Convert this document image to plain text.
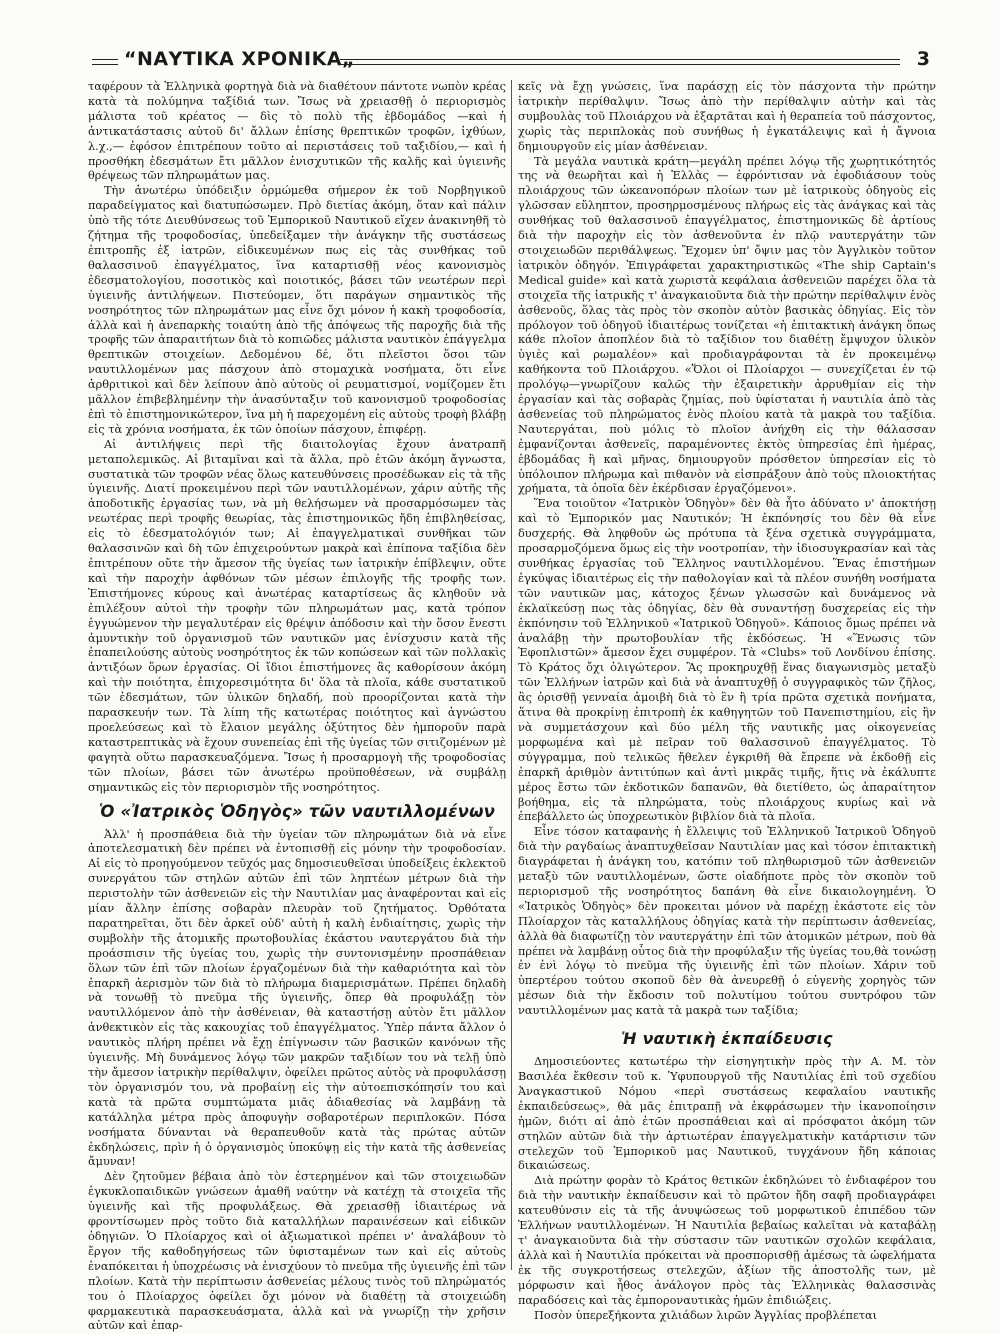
“ΝΑΥΤΙΚΑ ΧΡΟΝΙΚΑ„	3

ταφέρουν τὰ Ἑλληνικὰ φορτηγὰ διὰ νὰ διαθέτουν πάντοτε νωπὸν κρέας κατὰ τὰ πολύμηνα ταξίδιά των. Ἴσως νὰ χρειασθῇ ὁ περιορισμὸς μάλιστα τοῦ κρέατος — δὶς τὸ πολὺ τῆς ἑβδομάδος —καὶ ἡ ἀντικατάστασις αὐτοῦ δι' ἄλλων ἐπίσης θρεπτικῶν τροφῶν, ἰχθύων, λ.χ.,— ἐφόσον ἐπιτρέπουν τοῦτο αἱ περιστάσεις τοῦ ταξιδίου,— καὶ ἡ προσθήκη ἐδεσμάτων ἔτι μᾶλλον ἐνισχυτικῶν τῆς καλῆς καὶ ὑγιεινῆς θρέψεως τῶν πληρωμάτων μας.

Τὴν ἀνωτέρω ὑπόδειξιν ὁρμώμεθα σήμερον ἐκ τοῦ Νορβηγικοῦ παραδείγματος καὶ διατυπώσωμεν. Πρὸ διετίας ἀκόμη, ὅταν καὶ πάλιν ὑπὸ τῆς τότε Διευθύνσεως τοῦ Ἐμπορικοῦ Ναυτικοῦ εἴχεν ἀνακινηθῆ τὸ ζήτημα τῆς τροφοδοσίας, ὑπεδείξαμεν τὴν ἀνάγκην τῆς συστάσεως ἐπιτροπῆς ἐξ ἰατρῶν, εἰδικευμένων πως εἰς τὰς συνθήκας τοῦ θαλασσινοῦ ἐπαγγέλματος, ἵνα καταρτισθῇ νέος κανονισμὸς ἐδεσματολογίου, ποσοτικὸς καὶ ποιοτικός, βάσει τῶν νεωτέρων περὶ ὑγιεινῆς ἀντιλήψεων. Πιστεύομεν, ὅτι παράγων σημαντικὸς τῆς νοσηρότητος τῶν πληρωμάτων μας εἶνε ὄχι μόνον ἡ κακὴ τροφοδοσία, ἀλλὰ καὶ ἡ ἀνεπαρκὴς τοιαύτη ἀπὸ τῆς ἀπόψεως τῆς παροχῆς διὰ τῆς τροφῆς τῶν ἀπαραιτήτων διὰ τὸ κοπιῶδες μάλιστα ναυτικὸν ἐπάγγελμα θρεπτικῶν στοιχείων. Δεδομένου δέ, ὅτι πλεῖστοι ὅσοι τῶν ναυτιλλομένων μας πάσχουν ἀπὸ στομαχικὰ νοσήματα, ὅτι εἶνε ἀρθριτικοὶ καὶ δὲν λείπουν ἀπὸ αὐτοὺς οἱ ρευματισμοί, νομίζομεν ἔτι μᾶλλον ἐπιβεβλημένην τὴν ἀνασύνταξιν τοῦ κανονισμοῦ τροφοδοσίας ἐπὶ τὸ ἐπιστημονικώτερον, ἵνα μὴ ἡ παρεχομένη εἰς αὐτοὺς τροφὴ βλάβῃ εἰς τὰ χρόνια νοσήματα, ἐκ τῶν ὁποίων πάσχουν, ἐπιφέρῃ.

Αἱ ἀντιλήψεις περὶ τῆς διαιτολογίας ἔχουν ἀνατραπῆ μεταπολεμικῶς. Αἱ βιταμῖναι καὶ τὰ ἄλλα, πρὸ ἐτῶν ἀκόμη ἄγνωστα, συστατικὰ τῶν τροφῶν νέας ὅλως κατευθύνσεις προσέδωκαν εἰς τὰ τῆς ὑγιεινῆς. Διατί προκειμένου περὶ τῶν ναυτιλλομένων, χάριν αὐτῆς τῆς ἀποδοτικῆς ἐργασίας των, νὰ μὴ θελήσωμεν νὰ προσαρμόσωμεν τὰς νεωτέρας περὶ τροφῆς θεωρίας, τὰς ἐπιστημονικῶς ἤδη ἐπιβληθείσας, εἰς τὸ ἐδεσματολόγιόν των; Αἱ ἐπαγγελματικαὶ συνθῆκαι τῶν θαλασσινῶν καὶ δὴ τῶν ἐπιχειρούντων μακρὰ καὶ ἐπίπονα ταξίδια δὲν ἐπιτρέπουν οὔτε τὴν ἄμεσον τῆς ὑγείας των ἰατρικὴν ἐπίβλεψιν, οὔτε καὶ τὴν παροχὴν ἀφθόνων τῶν μέσων ἐπιλογῆς τῆς τροφῆς των. Ἐπιστήμονες κύρους καὶ ἀνωτέρας καταρτίσεως ἂς κληθοῦν νὰ ἐπιλέξουν αὐτοὶ τὴν τροφὴν τῶν πληρωμάτων μας, κατὰ τρόπον ἐγγυώμενον τὴν μεγαλυτέραν εἰς θρέψιν ἀπόδοσιν καὶ τὴν ὅσον ἔνεστι ἀμυντικὴν τοῦ ὀργανισμοῦ τῶν ναυτικῶν μας ἐνίσχυσιν κατὰ τῆς ἐπαπειλούσης αὐτοὺς νοσηρότητος ἐκ τῶν κοπώσεων καὶ τῶν πολλακὶς ἀντιξόων ὅρων ἐργασίας. Οἱ ἴδιοι ἐπιστήμονες ἂς καθορίσουν ἀκόμη καὶ τὴν ποιότητα, ἐπιχορεσιμότητα δι' ὅλα τὰ πλοῖα, κάθε συστατικοῦ τῶν ἐδεσμάτων, τῶν ὑλικῶν δηλαδή, ποὺ προορίζονται κατὰ τὴν παρασκευήν των. Τὰ λίπη τῆς κατωτέρας ποιότητος καὶ ἀγνώστου προελεύσεως καὶ τὸ ἔλαιον μεγάλης ὀξύτητος δὲν ἠμποροῦν παρὰ καταστρεπτικὰς νὰ ἔχουν συνεπείας ἐπὶ τῆς ὑγείας τῶν σιτιζομένων μὲ φαγητὰ οὕτω παρασκευαζόμενα. Ἴσως ἡ προσαρμογὴ τῆς τροφοδοσίας τῶν πλοίων, βάσει τῶν ἀνωτέρω προϋποθέσεων, νὰ συμβάλῃ σημαντικῶς εἰς τὸν περιορισμὸν τῆς νοσηρότητος.

Ὁ «Ἰατρικὸς Ὁδηγὸς» τῶν ναυτιλλομένων

Ἀλλ' ἡ προσπάθεια διὰ τὴν ὑγείαν τῶν πληρωμάτων διὰ νὰ εἶνε ἀποτελεσματικὴ δὲν πρέπει νὰ ἐντοπισθῇ εἰς μόνην τὴν τροφοδοσίαν. Αἱ εἰς τὸ προηγούμενον τεῦχός μας δημοσιευθεῖσαι ὑποδείξεις ἐκλεκτοῦ συνεργάτου τῶν στηλῶν αὐτῶν ἐπὶ τῶν ληπτέων μέτρων διὰ τὴν περιστολὴν τῶν ἀσθενειῶν εἰς τὴν Ναυτιλίαν μας ἀναφέρονται καὶ εἰς μίαν ἄλλην ἐπίσης σοβαρὰν πλευρὰν τοῦ ζητήματος. Ὀρθότατα παρατηρεῖται, ὅτι δὲν ἀρκεῖ οὐδ' αὐτὴ ἡ καλὴ ἐνδιαίτησις, χωρὶς τὴν συμβολὴν τῆς ἀτομικῆς πρωτοβουλίας ἑκάστου ναυτεργάτου διὰ τὴν προάσπισιν τῆς ὑγείας του, χωρὶς τὴν συντονισμένην προσπάθειαν ὅλων τῶν ἐπὶ τῶν πλοίων ἐργαζομένων διὰ τὴν καθαριότητα καὶ τὸν ἐπαρκῆ ἀερισμὸν τῶν διὰ τὸ πλήρωμα διαμερισμάτων. Πρέπει δηλαδὴ νὰ τονωθῇ τὸ πνεῦμα τῆς ὑγιεινῆς, ὅπερ θὰ προφυλάξῃ τὸν ναυτιλλόμενον ἀπὸ τὴν ἀσθένειαν, θὰ καταστήσῃ αὐτὸν ἔτι μᾶλλον ἀνθεκτικὸν εἰς τὰς κακουχίας τοῦ ἐπαγγέλματος. Ὑπὲρ πάντα ἄλλον ὁ ναυτικὸς πλήρη πρέπει νὰ ἔχῃ ἐπίγνωσιν τῶν βασικῶν κανόνων τῆς ὑγιεινῆς. Μὴ δυνάμενος λόγῳ τῶν μακρῶν ταξιδίων του νὰ τελῇ ὑπὸ τὴν ἄμεσον ἰατρικὴν περίθαλψιν, ὀφείλει πρῶτος αὐτὸς νὰ προφυλάσσῃ τὸν ὀργανισμόν του, νὰ προβαίνῃ εἰς τὴν αὐτοεπισκόπησίν του καὶ κατὰ τὰ πρῶτα συμπτώματα μιᾶς ἀδιαθεσίας νὰ λαμβάνῃ τὰ κατάλληλα μέτρα πρὸς ἀποφυγὴν σοβαροτέρων περιπλοκῶν. Πόσα νοσήματα δύνανται νὰ θεραπευθοῦν κατὰ τὰς πρώτας αὐτῶν ἐκδηλώσεις, πρὶν ἡ ὁ ὀργανισμὸς ὑποκύψῃ εἰς τὴν κατὰ τῆς ἀσθενείας ἄμυναν!

Δὲν ζητοῦμεν βέβαια ἀπὸ τὸν ἐστερημένον καὶ τῶν στοιχειωδῶν ἐγκυκλοπαιδικῶν γνώσεων ἀμαθῆ ναύτην νὰ κατέχῃ τὰ στοιχεῖα τῆς ὑγιεινῆς καὶ τῆς προφυλάξεως. Θὰ χρειασθῇ ἰδιαιτέρως νὰ φροντίσωμεν πρὸς τοῦτο διὰ καταλλήλων παραινέσεων καὶ εἰδικῶν ὁδηγιῶν. Ὁ Πλοίαρχος καὶ οἱ ἀξιωματικοὶ πρέπει ν' ἀναλάβουν τὸ ἔργον τῆς καθοδηγήσεως τῶν ὑφισταμένων των καὶ εἰς αὐτοὺς ἐναπόκειται ἡ ὑποχρέωσις νὰ ἐνισχύουν τὸ πνεῦμα τῆς ὑγιεινῆς ἐπὶ τῶν πλοίων. Κατὰ τὴν περίπτωσιν ἀσθενείας μέλους τινὸς τοῦ πληρώματός του ὁ Πλοίαρχος ὀφείλει ὄχι μόνον νὰ διαθέτῃ τὰ στοιχειώδη φαρμακευτικὰ παρασκευάσματα, ἀλλὰ καὶ νὰ γνωρίζῃ τὴν χρῆσιν αὐτῶν καὶ ἐπαρ-

κεῖς νὰ ἔχῃ γνώσεις, ἵνα παράσχῃ εἰς τὸν πάσχοντα τὴν πρώτην ἰατρικὴν περίθαλψιν. Ἴσως ἀπὸ τὴν περίθαλψιν αὐτὴν καὶ τὰς συμβουλὰς τοῦ Πλοιάρχου νὰ ἐξαρτᾶται καὶ ἡ θεραπεία τοῦ πάσχοντος, χωρὶς τὰς περιπλοκὰς ποὺ συνήθως ἡ ἐγκατάλειψις καὶ ἡ ἄγνοια δημιουργοῦν εἰς μίαν ἀσθένειαν.

Τὰ μεγάλα ναυτικὰ κράτη—μεγάλη πρέπει λόγῳ τῆς χωρητικότητός της νὰ θεωρῆται καὶ ἡ Ἑλλὰς — ἐφρόντισαν νὰ ἐφοδιάσουν τοὺς πλοιάρχους τῶν ὠκεανοπόρων πλοίων των μὲ ἰατρικοὺς ὁδηγοὺς εἰς γλῶσσαν εὔληπτον, προσηρμοσμένους πλήρως εἰς τὰς ἀνάγκας καὶ τὰς συνθήκας τοῦ θαλασσινοῦ ἐπαγγέλματος, ἐπιστημονικῶς δὲ ἀρτίους διὰ τὴν παροχὴν εἰς τὸν ἀσθενοῦντα ἐν πλῷ ναυτεργάτην τῶν στοιχειωδῶν περιθάλψεως. Ἔχομεν ὑπ' ὄψιν μας τὸν Ἀγγλικὸν τοῦτον ἰατρικὸν ὁδηγόν. Ἐπιγράφεται χαρακτηριστικῶς «The ship Captain's Medical guide» καὶ κατὰ χωριστὰ κεφάλαια ἀσθενειῶν παρέχει ὅλα τὰ στοιχεῖα τῆς ἰατρικῆς τ' ἀναγκαιοῦντα διὰ τὴν πρώτην περίθαλψιν ἑνὸς ἀσθενοῦς, ὅλας τὰς πρὸς τὸν σκοπὸν αὐτὸν βασικὰς ὁδηγίας. Εἰς τὸν πρόλογον τοῦ ὁδηγοῦ ἰδιαιτέρως τονίζεται «ἡ ἐπιτακτικὴ ἀνάγκη ὅπως κάθε πλοῖον ἀποπλέον διὰ τὸ ταξίδιον του διαθέτῃ ἔμψυχον ὑλικὸν ὑγιὲς καὶ ρωμαλέον» καὶ προδιαγράφονται τὰ ἐν προκειμένῳ καθήκοντα τοῦ Πλοιάρχου. «Ὅλοι οἱ Πλοίαρχοι — συνεχίζεται ἐν τῷ προλόγῳ—γνωρίζουν καλῶς τὴν ἐξαιρετικὴν ἀρρυθμίαν εἰς τὴν ἐργασίαν καὶ τὰς σοβαρὰς ζημίας, ποὺ ὑφίσταται ἡ ναυτιλία ἀπὸ τὰς ἀσθενείας τοῦ πληρώματος ἑνὸς πλοίου κατὰ τὰ μακρὰ του ταξίδια. Ναυτεργάται, ποὺ μόλις τὸ πλοῖον ἀνήχθη εἰς τὴν θάλασσαν ἐμφανίζονται ἀσθενεῖς, παραμένοντες ἐκτὸς ὑπηρεσίας ἐπὶ ἡμέρας, ἑβδομάδας ἢ καὶ μῆνας, δημιουργοῦν πρόσθετον ὑπηρεσίαν εἰς τὸ ὑπόλοιπον πλήρωμα καὶ πιθανὸν νὰ εἰσπράξουν ἀπὸ τοὺς πλοιοκτήτας χρήματα, τὰ ὁποῖα δὲν ἐκέρδισαν ἐργαζόμενοι».

Ἕνα τοιοῦτον «Ἰατρικὸν Ὁδηγὸν» δὲν θὰ ἦτο ἀδύνατο ν' ἀποκτήσῃ καὶ τὸ Ἐμπορικόν μας Ναυτικόν; Ἡ ἐκπόνησίς του δὲν θὰ εἶνε δυσχερής. Θὰ ληφθοῦν ὡς πρότυπα τὰ ξένα σχετικὰ συγγράμματα, προσαρμοζόμενα ὅμως εἰς τὴν νοοτροπίαν, τὴν ἰδιοσυγκρασίαν καὶ τὰς συνθήκας ἐργασίας τοῦ Ἕλληνος ναυτιλλομένου. Ἕνας ἐπιστήμων ἐγκύψας ἰδιαιτέρως εἰς τὴν παθολογίαν καὶ τὰ πλέον συνήθη νοσήματα τῶν ναυτικῶν μας, κάτοχος ξένων γλωσσῶν καὶ δυνάμενος νὰ ἐκλαϊκεύσῃ πως τὰς ὁδηγίας, δὲν θὰ συναντήσῃ δυσχερείας εἰς τὴν ἐκπόνησιν τοῦ Ἑλληνικοῦ «Ἰατρικοῦ Ὁδηγοῦ». Κάποιος ὅμως πρέπει νὰ ἀναλάβῃ τὴν πρωτοβουλίαν τῆς ἐκδόσεως. Ἡ «Ἕνωσις τῶν Ἐφοπλιστῶν» ἄμεσον ἔχει συμφέρον. Τὰ «Clubs» τοῦ Λονδίνου ἐπίσης. Τὸ Κράτος ὄχι ὀλιγώτερον. Ἂς προκηρυχθῇ ἕνας διαγωνισμὸς μεταξὺ τῶν Ἑλλήνων ἰατρῶν καὶ διὰ νὰ ἀναπτυχθῇ ὁ συγγραφικὸς τῶν ζῆλος, ἂς ὁρισθῇ γενναία ἀμοιβὴ διὰ τὸ ἓν ἢ τρία πρῶτα σχετικὰ πονήματα, ἅτινα θὰ προκρίνῃ ἐπιτροπὴ ἐκ καθηγητῶν τοῦ Πανεπιστημίου, εἰς ἣν νὰ συμμετάσχουν καὶ δύο μέλη τῆς ναυτικῆς μας οἰκογενείας μορφωμένα καὶ μὲ πεῖραν τοῦ θαλασσινοῦ ἐπαγγέλματος. Τὸ σύγγραμμα, ποὺ τελικῶς ἤθελεν ἐγκριθῆ θὰ ἔπρεπε νὰ ἐκδοθῇ εἰς ἐπαρκῆ ἀριθμὸν ἀντιτύπων καὶ ἀντὶ μικρᾶς τιμῆς, ἥτις νὰ ἐκάλυπτε μέρος ἔστω τῶν ἐκδοτικῶν δαπανῶν, θὰ διετίθετο, ὡς ἀπαραίτητον βοήθημα, εἰς τὰ πληρώματα, τοὺς πλοιάρχους κυρίως καὶ νὰ ἐπεβάλλετο ὡς ὑποχρεωτικὸν βιβλίον διὰ τὰ πλοῖα.

Εἶνε τόσον καταφανὴς ἡ ἔλλειψις τοῦ Ἑλληνικοῦ Ἰατρικοῦ Ὁδηγοῦ διὰ τὴν ραγδαίως ἀναπτυχθεῖσαν Ναυτιλίαν μας καὶ τόσον ἐπιτακτικὴ διαγράφεται ἡ ἀνάγκη του, κατόπιν τοῦ πληθωρισμοῦ τῶν ἀσθενειῶν μεταξὺ τῶν ναυτιλλομένων, ὥστε οἱαδήποτε πρὸς τὸν σκοπὸν τοῦ περιορισμοῦ τῆς νοσηρότητος δαπάνη θὰ εἶνε δικαιολογημένη. Ὁ «Ἰατρικὸς Ὁδηγὸς» δὲν προκειται μόνον νὰ παρέχῃ ἑκάστοτε εἰς τὸν Πλοίαρχον τὰς καταλλήλους ὁδηγίας κατὰ τὴν περίπτωσιν ἀσθενείας, ἀλλὰ θὰ διαφωτίζῃ τὸν ναυτεργάτην ἐπὶ τῶν ἀτομικῶν μέτρων, ποὺ θὰ πρέπει νὰ λαμβάνῃ οὗτος διὰ τὴν προφύλαξιν τῆς ὑγείας του,θὰ τονώσῃ ἐν ἑνὶ λόγῳ τὸ πνεῦμα τῆς ὑγιεινῆς ἐπὶ τῶν πλοίων. Χάριν τοῦ ὑπερτέρου τούτου σκοποῦ δὲν θὰ ἀνευρεθῇ ὁ εὐγενὴς χορηγὸς τῶν μέσων διὰ τὴν ἔκδοσιν τοῦ πολυτίμου τούτου συντρόφου τῶν ναυτιλλομένων μας κατὰ τὰ μακρὰ των ταξίδια;

Ἡ ναυτικὴ ἐκπαίδευσις

Δημοσιεύοντες κατωτέρω τὴν εἰσηγητικὴν πρὸς τὴν Α. Μ. τὸν Βασιλέα ἔκθεσιν τοῦ κ. Ὑφυπουργοῦ τῆς Ναυτιλίας ἐπὶ τοῦ σχεδίου Ἀναγκαστικοῦ Νόμου «περὶ συστάσεως κεφαλαίου ναυτικῆς ἐκπαιδεύσεως», θὰ μᾶς ἐπιτραπῇ νὰ ἐκφράσωμεν τὴν ἱκανοποίησιν ἡμῶν, διότι αἱ ἀπὸ ἐτῶν προσπάθειαι καὶ αἱ πρόσφατοι ἀκόμη τῶν στηλῶν αὐτῶν διὰ τὴν ἀρτιωτέραν ἐπαγγελματικὴν κατάρτισιν τῶν στελεχῶν τοῦ Ἐμπορικοῦ μας Ναυτικοῦ, τυγχάνουν ἤδη κάποιας δικαιώσεως.

Διὰ πρώτην φορὰν τὸ Κράτος θετικῶν ἐκδηλώνει τὸ ἐνδιαφέρον του διὰ τὴν ναυτικὴν ἐκπαίδευσιν καὶ τὸ πρῶτον ἤδη σαφῆ προδιαγράφει κατευθύνσιν εἰς τὰ τῆς ἀνυψώσεως τοῦ μορφωτικοῦ ἐπιπέδου τῶν Ἑλλήνων ναυτιλλομένων. Ἡ Ναυτιλία βεβαίως καλεῖται νὰ καταβάλῃ τ' ἀναγκαιοῦντα διὰ τὴν σύστασιν τῶν ναυτικῶν σχολῶν κεφάλαια, ἀλλὰ καὶ ἡ Ναυτιλία πρόκειται νὰ προσπορισθῇ ἀμέσως τὰ ὠφελήματα ἐκ τῆς συγκροτήσεως στελεχῶν, ἀξίων τῆς ἀποστολῆς των, μὲ μόρφωσιν καὶ ἦθος ἀνάλογον πρὸς τὰς Ἑλληνικὰς θαλασσινὰς παραδόσεις καὶ τὰς ἐμποροναυτικὰς ἡμῶν ἐπιδιώξεις.

Ποσὸν ὑπερεξήκοντα χιλιάδων λιρῶν Ἀγγλίας προβλέπεται
